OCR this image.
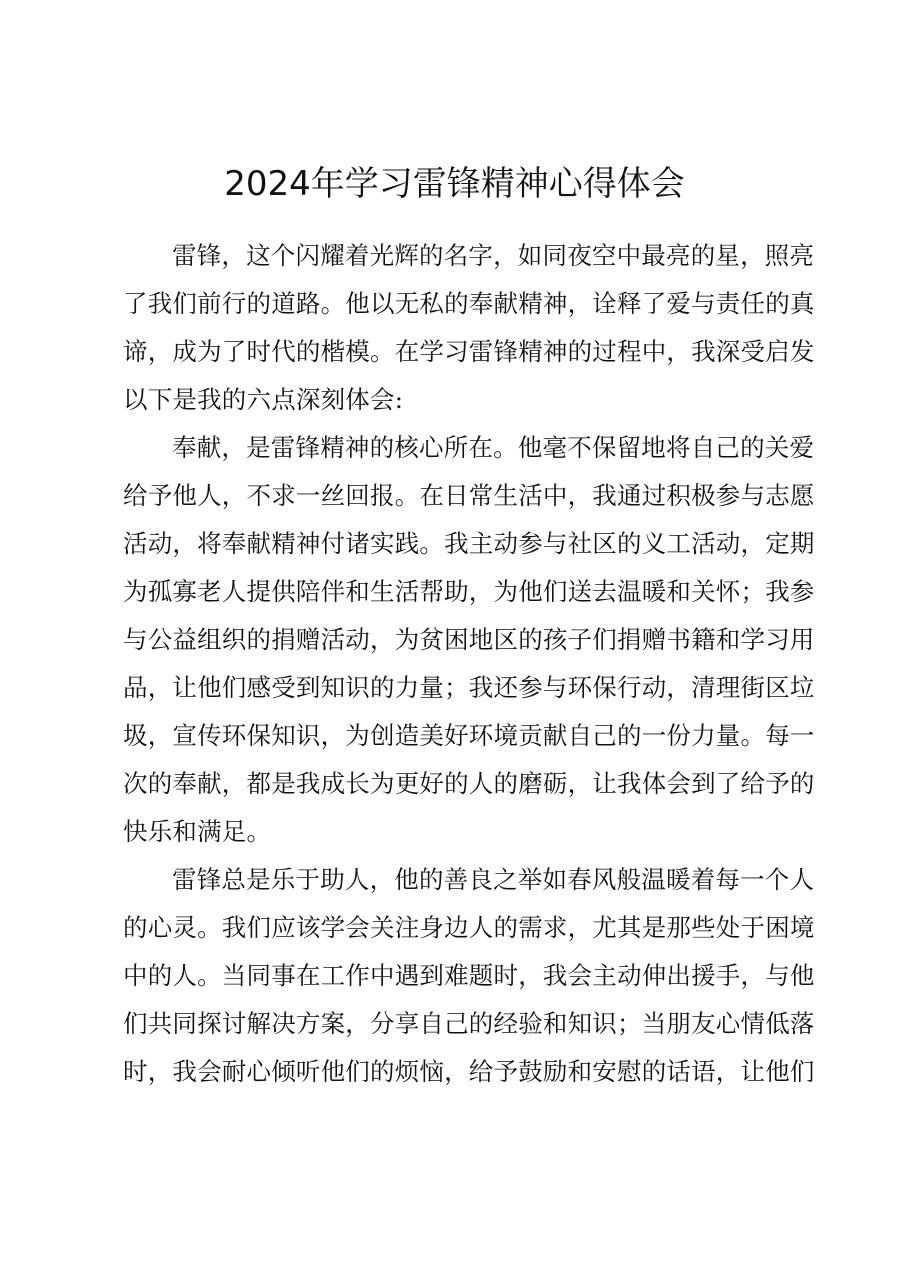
2024年学习雷锋精神心得体会

雷锋，这个闪耀着光辉的名字，如同夜空中最亮的星，照亮
了我们前行的道路。他以无私的奉献精神，诠释了爱与责任的真
谛，成为了时代的楷模。在学习雷锋精神的过程中，我深受启发
以下是我的六点深刻体会:

奉献，是雷锋精神的核心所在。他毫不保留地将自己的关爱
给予他人，不求一丝回报。在日常生活中，我通过积极参与志愿
活动，将奉献精神付诸实践。我主动参与社区的义工活动，定期
为孤寡老人提供陪伴和生活帮助，为他们送去温暖和关怀；我参
与公益组织的捐赠活动，为贫困地区的孩子们捐赠书籍和学习用
品，让他们感受到知识的力量；我还参与环保行动，清理街区垃
圾，宣传环保知识，为创造美好环境贡献自己的一份力量。每一
次的奉献，都是我成长为更好的人的磨砺，让我体会到了给予的
快乐和满足。

雷锋总是乐于助人，他的善良之举如春风般温暖着每一个人
的心灵。我们应该学会关注身边人的需求，尤其是那些处于困境
中的人。当同事在工作中遇到难题时，我会主动伸出援手，与他
们共同探讨解决方案，分享自己的经验和知识；当朋友心情低落
时，我会耐心倾听他们的烦恼，给予鼓励和安慰的话语，让他们
